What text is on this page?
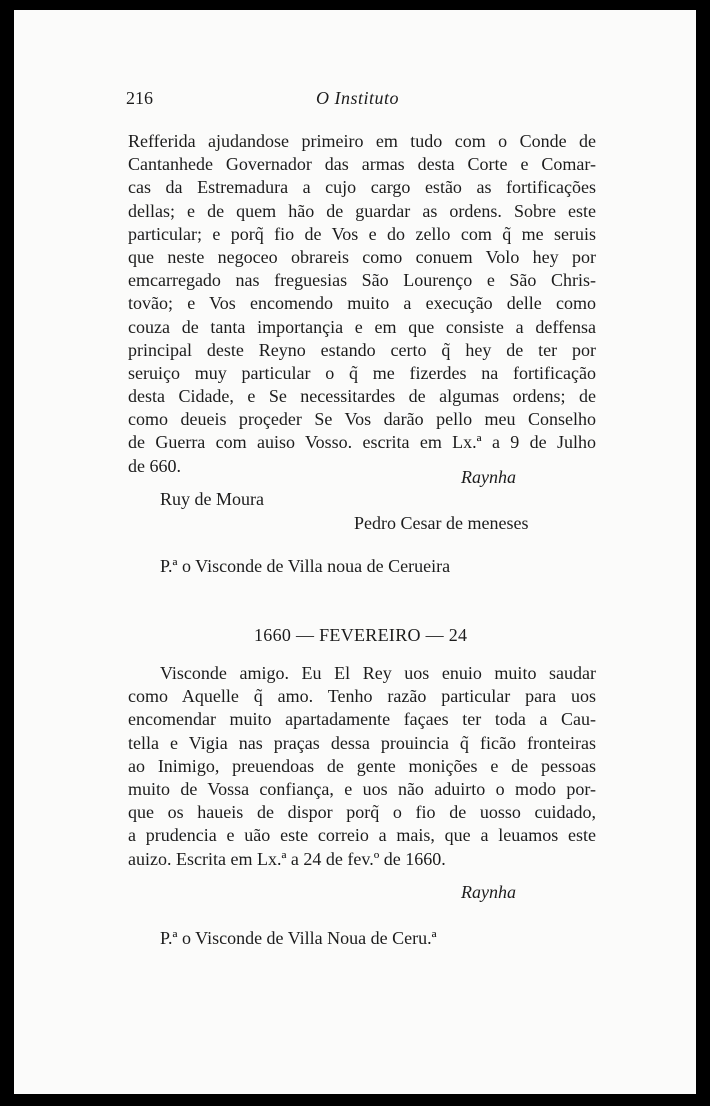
216	O Instituto
Refferida ajudandose primeiro em tudo com o Conde de
Cantanhede Governador das armas desta Corte e Comar-
cas da Estremadura a cujo cargo estão as fortificações
dellas; e de quem hão de guardar as ordens. Sobre este
particular; e porq̃ fio de Vos e do zello com q̃ me seruis
que neste negoceo obrareis como conuem Volo hey por
emcarregado nas freguesias São Lourenço e São Chris-
tovão; e Vos encomendo muito a execução delle como
couza de tanta importançia e em que consiste a deffensa
principal deste Reyno estando certo q̃ hey de ter por
seruiço muy particular o q̃ me fizerdes na fortificação
desta Cidade, e Se necessitardes de algumas ordens; de
como deueis proçeder Se Vos darão pello meu Conselho
de Guerra com auiso Vosso. escrita em Lx.ª a 9 de Julho
de 660.
Raynha
Ruy de Moura
Pedro Cesar de meneses
P.ª o Visconde de Villa noua de Cerueira
1660 — FEVEREIRO — 24
Visconde amigo. Eu El Rey uos enuio muito saudar
como Aquelle q̃ amo. Tenho razão particular para uos
encomendar muito apartadamente façaes ter toda a Cau-
tella e Vigia nas praças dessa prouincia q̃ ficão fronteiras
ao Inimigo, preuendoas de gente monições e de pessoas
muito de Vossa confiança, e uos não aduirto o modo por-
que os haueis de dispor porq̃ o fio de uosso cuidado,
a prudencia e uão este correio a mais, que a leuamos este
auizo. Escrita em Lx.ª a 24 de fev.º de 1660.
Raynha
P.ª o Visconde de Villa Noua de Ceru.ª
